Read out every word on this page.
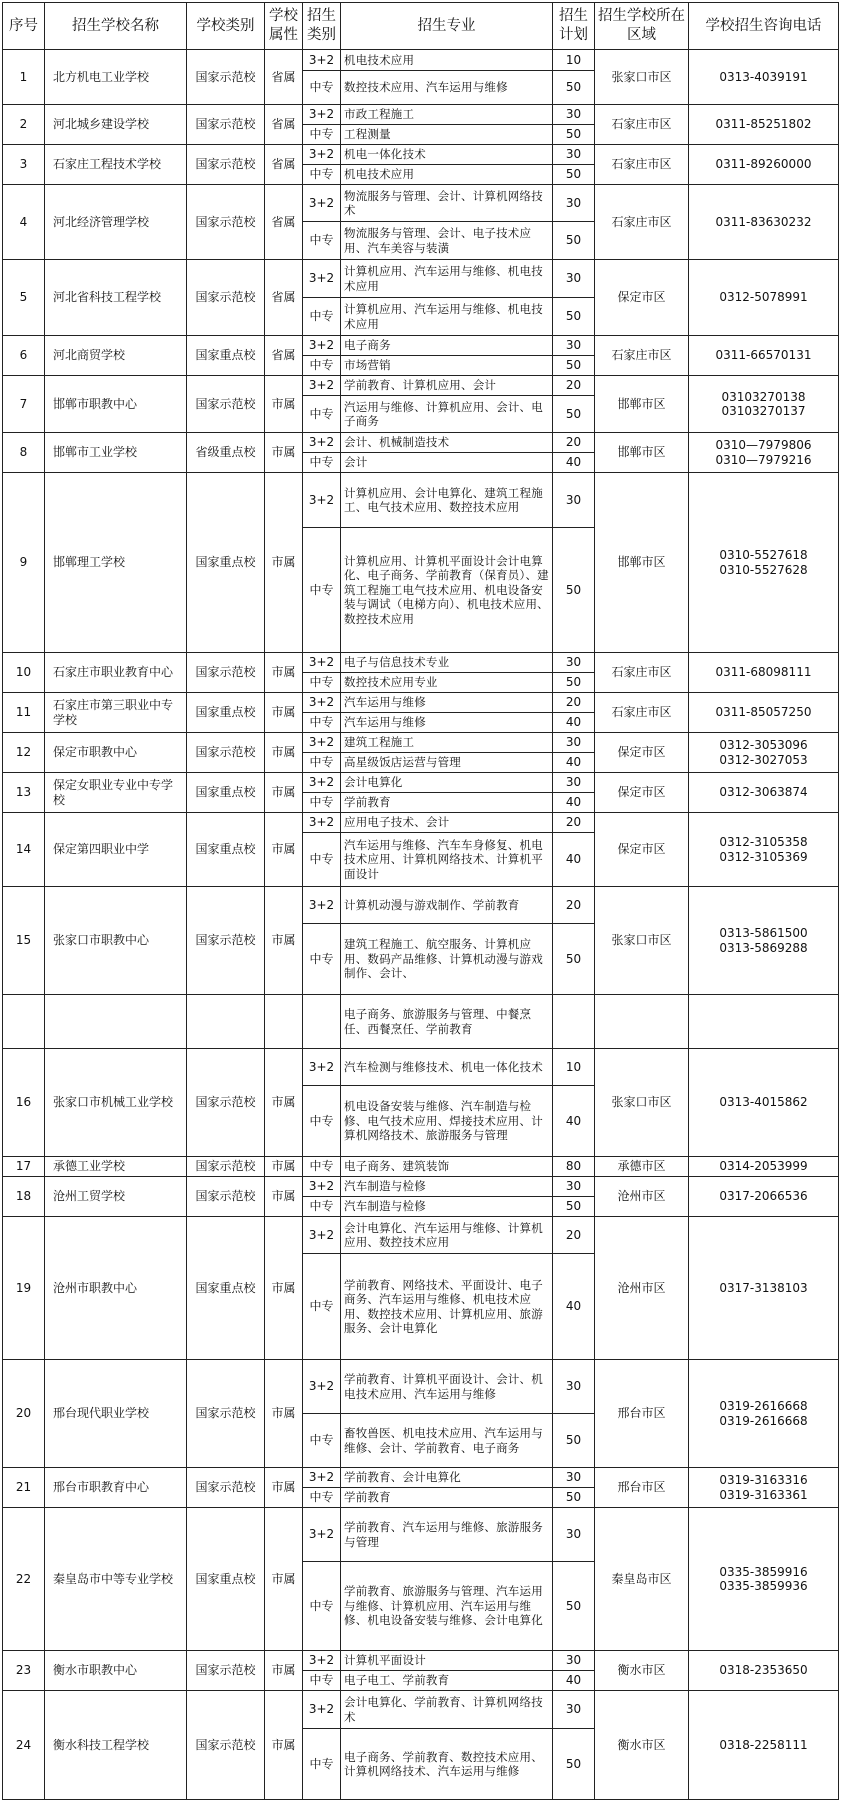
序号	招生学校名称	学校类别	学校属性	招生类别	招生专业	招生计划	招生学校所在区域	学校招生咨询电话
1	北方机电工业学校	国家示范校	省属	3+2	机电技术应用	10	张家口市区	0313-4039191
				中专	数控技术应用、汽车运用与维修	50		
2	河北城乡建设学校	国家示范校	省属	3+2	市政工程施工	30	石家庄市区	0311-85251802
				中专	工程测量	50		
3	石家庄工程技术学校	国家示范校	省属	3+2	机电一体化技术	30	石家庄市区	0311-89260000
				中专	机电技术应用	50		
4	河北经济管理学校	国家示范校	省属	3+2	物流服务与管理、会计、计算机网络技术	30	石家庄市区	0311-83630232
				中专	物流服务与管理、会计、电子技术应用、汽车美容与装潢	50		
5	河北省科技工程学校	国家示范校	省属	3+2	计算机应用、汽车运用与维修、机电技术应用	30	保定市区	0312-5078991
				中专	计算机应用、汽车运用与维修、机电技术应用	50		
6	河北商贸学校	国家重点校	省属	3+2	电子商务	30	石家庄市区	0311-66570131
				中专	市场营销	50		
7	邯郸市职教中心	国家示范校	市属	3+2	学前教育、计算机应用、会计	20	邯郸市区	03103270138
03103270137
				中专	汽运用与维修、计算机应用、会计、电子商务	50		
8	邯郸市工业学校	省级重点校	市属	3+2	会计、机械制造技术	20	邯郸市区	0310—7979806
0310—7979216
				中专	会计	40		
9	邯郸理工学校	国家重点校	市属	3+2	计算机应用、会计电算化、建筑工程施工、电气技术应用、数控技术应用	30	邯郸市区	0310-5527618
0310-5527628
				中专	计算机应用、计算机平面设计会计电算化、电子商务、学前教育（保育员）、建筑工程施工电气技术应用、机电设备安装与调试（电梯方向）、机电技术应用、数控技术应用	50		
10	石家庄市职业教育中心	国家示范校	市属	3+2	电子与信息技术专业	30	石家庄市区	0311-68098111
				中专	数控技术应用专业	50		
11	石家庄市第三职业中专学校	国家重点校	市属	3+2	汽车运用与维修	20	石家庄市区	0311-85057250
				中专	汽车运用与维修	40		
12	保定市职教中心	国家示范校	市属	3+2	建筑工程施工	30	保定市区	0312-3053096
0312-3027053
				中专	高星级饭店运营与管理	40		
13	保定女职业专业中专学校	国家重点校	市属	3+2	会计电算化	30	保定市区	0312-3063874
				中专	学前教育	40		
14	保定第四职业中学	国家重点校	市属	3+2	应用电子技术、会计	20	保定市区	0312-3105358
0312-3105369
				中专	汽车运用与维修、汽车车身修复、机电技术应用、计算机网络技术、计算机平面设计	40		
15	张家口市职教中心	国家示范校	市属	3+2	计算机动漫与游戏制作、学前教育	20	张家口市区	0313-5861500
0313-5869288
				中专	建筑工程施工、航空服务、计算机应用、数码产品维修、计算机动漫与游戏制作、会计、	50		
					电子商务、旅游服务与管理、中餐烹任、西餐烹任、学前教育			
16	张家口市机械工业学校	国家示范校	市属	3+2	汽车检测与维修技术、机电一体化技术	10	张家口市区	0313-4015862
				中专	机电设备安装与维修、汽车制造与检修、电气技术应用、焊接技术应用、计算机网络技术、旅游服务与管理	40		
17	承德工业学校	国家示范校	市属	中专	电子商务、建筑装饰	80	承德市区	0314-2053999
18	沧州工贸学校	国家示范校	市属	3+2	汽车制造与检修	30	沧州市区	0317-2066536
				中专	汽车制造与检修	50		
19	沧州市职教中心	国家重点校	市属	3+2	会计电算化、汽车运用与维修、计算机应用、数控技术应用	20	沧州市区	0317-3138103
				中专	学前教育、网络技术、平面设计、电子商务、汽车运用与维修、机电技术应用、数控技术应用、计算机应用、旅游服务、会计电算化	40		
20	邢台现代职业学校	国家示范校	市属	3+2	学前教育、计算机平面设计、会计、机电技术应用、汽车运用与维修	30	邢台市区	0319-2616668
0319-2616668
				中专	畜牧兽医、机电技术应用、汽车运用与维修、会计、学前教育、电子商务	50		
21	邢台市职教育中心	国家示范校	市属	3+2	学前教育、会计电算化	30	邢台市区	0319-3163316
0319-3163361
				中专	学前教育	50		
22	秦皇岛市中等专业学校	国家重点校	市属	3+2	学前教育、汽车运用与维修、旅游服务与管理	30	秦皇岛市区	0335-3859916
0335-3859936
				中专	学前教育、旅游服务与管理、汽车运用与维修、计算机应用、汽车运用与维修、机电设备安装与维修、会计电算化	50		
23	衡水市职教中心	国家示范校	市属	3+2	计算机平面设计	30	衡水市区	0318-2353650
				中专	电子电工、学前教育	40		
24	衡水科技工程学校	国家示范校	市属	3+2	会计电算化、学前教育、计算机网络技术	30	衡水市区	0318-2258111
				中专	电子商务、学前教育、数控技术应用、计算机网络技术、汽车运用与维修	50		
